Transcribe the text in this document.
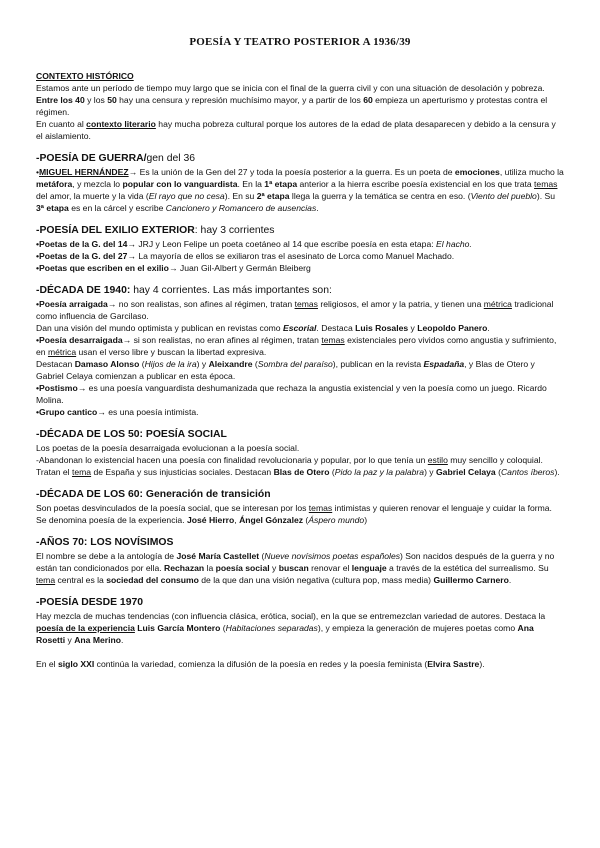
POESÍA Y TEATRO POSTERIOR A 1936/39

CONTEXTO HISTÓRICO

Estamos ante un período de tiempo muy largo que se inicia con el final de la guerra civil y con una situación de desolación y pobreza. Entre los 40 y los 50 hay una censura y represión muchísimo mayor, y a partir de los 60 empieza un aperturismo y protestas contra el régimen.

En cuanto al contexto literario hay mucha pobreza cultural porque los autores de la edad de plata desaparecen y debido a la censura y el aislamiento.

-POESÍA DE GUERRA/gen del 36

•MIGUEL HERNÁNDEZ→ Es la unión de la Gen del 27 y toda la poesía posterior a la guerra. Es un poeta de emociones, utiliza mucho la metáfora, y mezcla lo popular con lo vanguardista. En la 1ª etapa anterior a la hierra escribe poesía existencial en los que trata temas del amor, la muerte y la vida (El rayo que no cesa). En su 2ª etapa llega la guerra y la temática se centra en eso. (Viento del pueblo). Su 3ª etapa es en la cárcel y escribe Cancionero y Romancero de ausencias.

-POESÍA DEL EXILIO EXTERIOR: hay 3 corrientes

•Poetas de la G. del 14→ JRJ y Leon Felipe un poeta coetáneo al 14 que escribe poesía en esta etapa: El hacho.

•Poetas de la G. del 27→ La mayoría de ellos se exiliaron tras el asesinato de Lorca como Manuel Machado.

•Poetas que escriben en el exilio→ Juan Gil-Albert y Germán Bleiberg

-DÉCADA DE 1940: hay 4 corrientes. Las más importantes son:

•Poesía arraigada→ no son realistas, son afines al régimen, tratan temas religiosos, el amor y la patria, y tienen una métrica tradicional como influencia de Garcilaso.

Dan una visión del mundo optimista y publican en revistas como Escorial. Destaca Luis Rosales y Leopoldo Panero.

•Poesía desarraigada→ si son realistas, no eran afines al régimen, tratan temas existenciales pero vividos como angustia y sufrimiento, en métrica usan el verso libre y buscan la libertad expresiva.

Destacan Damaso Alonso (Hijos de la ira) y Aleixandre (Sombra del paraíso), publican en la revista Espadaña, y Blas de Otero y Gabriel Celaya comienzan a publicar en esta época.

•Postismo→ es una poesía vanguardista deshumanizada que rechaza la angustia existencial y ven la poesía como un juego. Ricardo Molina.

•Grupo cantico→ es una poesía intimista.

-DÉCADA DE LOS 50: POESÍA SOCIAL

Los poetas de la poesía desarraigada evolucionan a la poesía social.

-Abandonan lo existencial hacen una poesía con finalidad revolucionaria y popular, por lo que tenía un estilo muy sencillo y coloquial. Tratan el tema de España y sus injusticias sociales. Destacan Blas de Otero (Pido la paz y la palabra) y Gabriel Celaya (Cantos íberos).

-DÉCADA DE LOS 60: Generación de transición

Son poetas desvinculados de la poesía social, que se interesan por los temas intimistas y quieren renovar el lenguaje y cuidar la forma. Se denomina poesía de la experiencia. José Hierro, Ángel Gónzalez (Áspero mundo)

-AÑOS 70: LOS NOVÍSIMOS

El nombre se debe a la antología de José María Castellet (Nueve novísimos poetas españoles) Son nacidos después de la guerra y no están tan condicionados por ella. Rechazan la poesía social y buscan renovar el lenguaje a través de la estética del surrealismo. Su tema central es la sociedad del consumo de la que dan una visión negativa (cultura pop, mass media) Guillermo Carnero.

-POESÍA DESDE 1970

Hay mezcla de muchas tendencias (con influencia clásica, erótica, social), en la que se entremezclan variedad de autores. Destaca la poesía de la experiencia Luis García Montero (Habitaciones separadas), y empieza la generación de mujeres poetas como Ana Rosetti y Ana Merino.

En el siglo XXI continúa la variedad, comienza la difusión de la poesía en redes y la poesía feminista (Elvira Sastre).
